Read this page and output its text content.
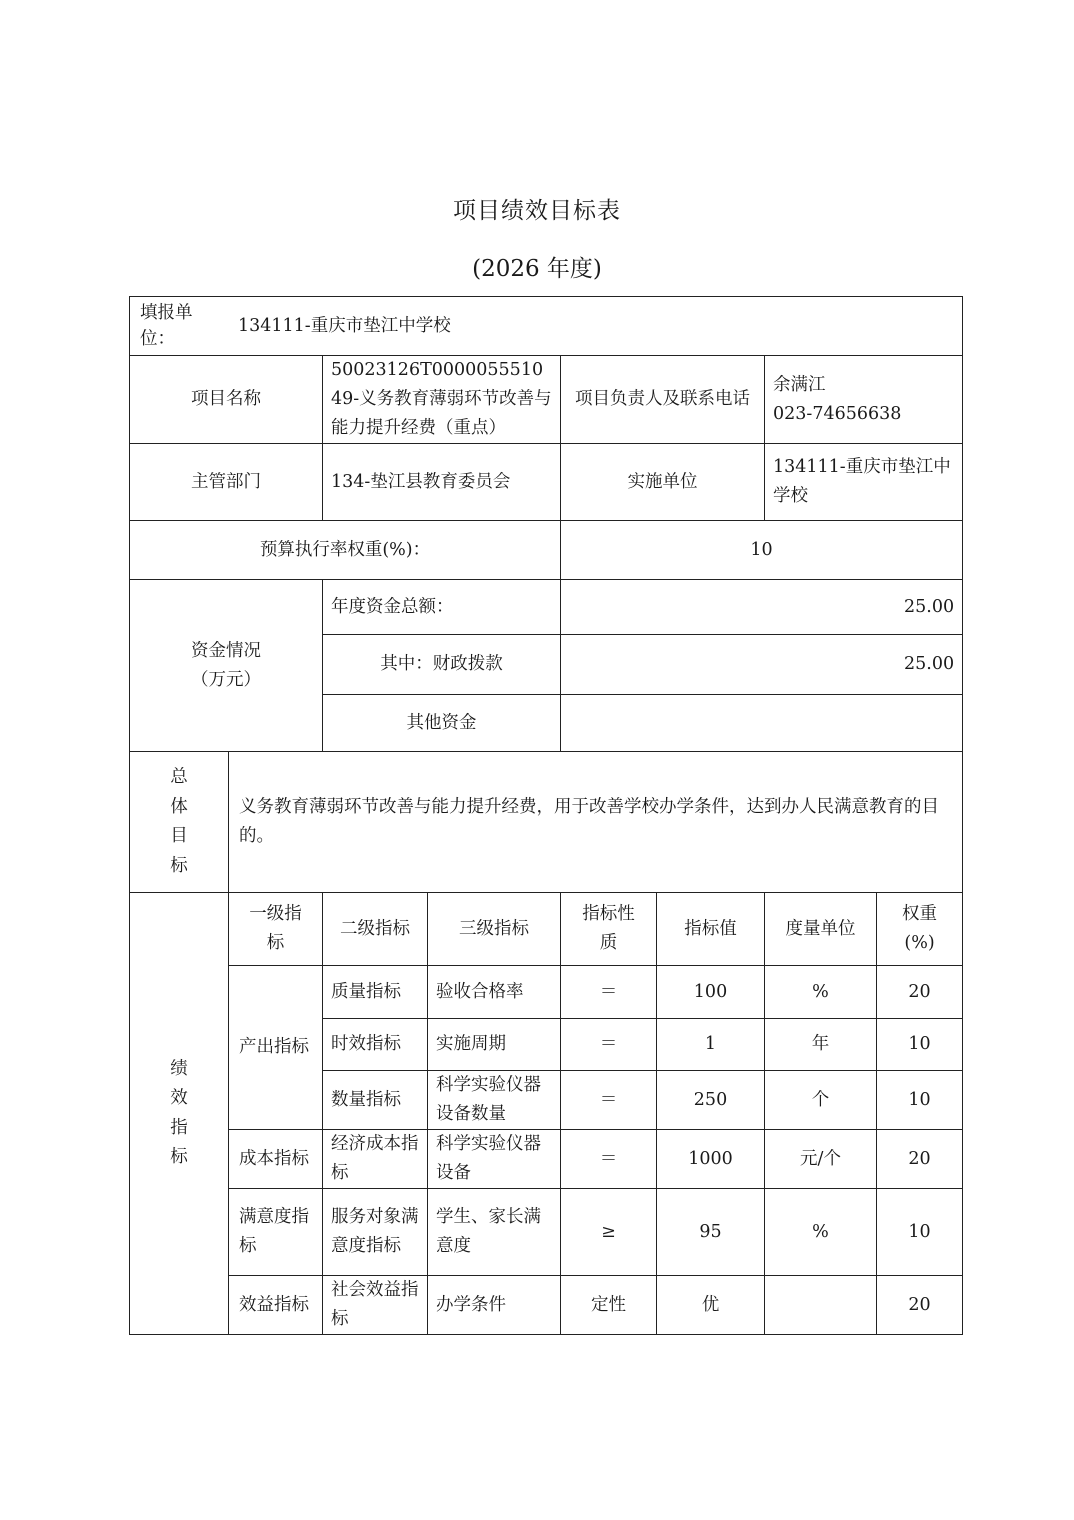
项目绩效目标表
(2026 年度)
填报单位：
134111-重庆市垫江中学校							

项目名称		50023126T000005551049-义务教育薄弱环节改善与能力提升经费（重点）		项目负责人及联系电话		余满江
023-74656638	

主管部门		134-垫江县教育委员会		实施单位		134111-重庆市垫江中学校	
预算执行率权重(%)：				10			

资金情况
（万元）		年度资金总额：		25.00			
		其中：财政拨款		25.00			
		其他资金					

总
体
目
标	义务教育薄弱环节改善与能力提升经费，用于改善学校办学条件，达到办人民满意教育的目的。						

绩
效
指
标	一级指标	二级指标	三级指标	指标性质	指标值	度量单位	权重(%)
	产出指标	质量指标	验收合格率	＝	100	%	20
		时效指标	实施周期	＝	1	年	10
		数量指标	科学实验仪器设备数量	＝	250	个	10
	成本指标	经济成本指标	科学实验仪器设备	＝	1000	元/个	20
	满意度指标	服务对象满意度指标	学生、家长满意度	≥	95	%	10
	效益指标	社会效益指标	办学条件	定性	优		20
